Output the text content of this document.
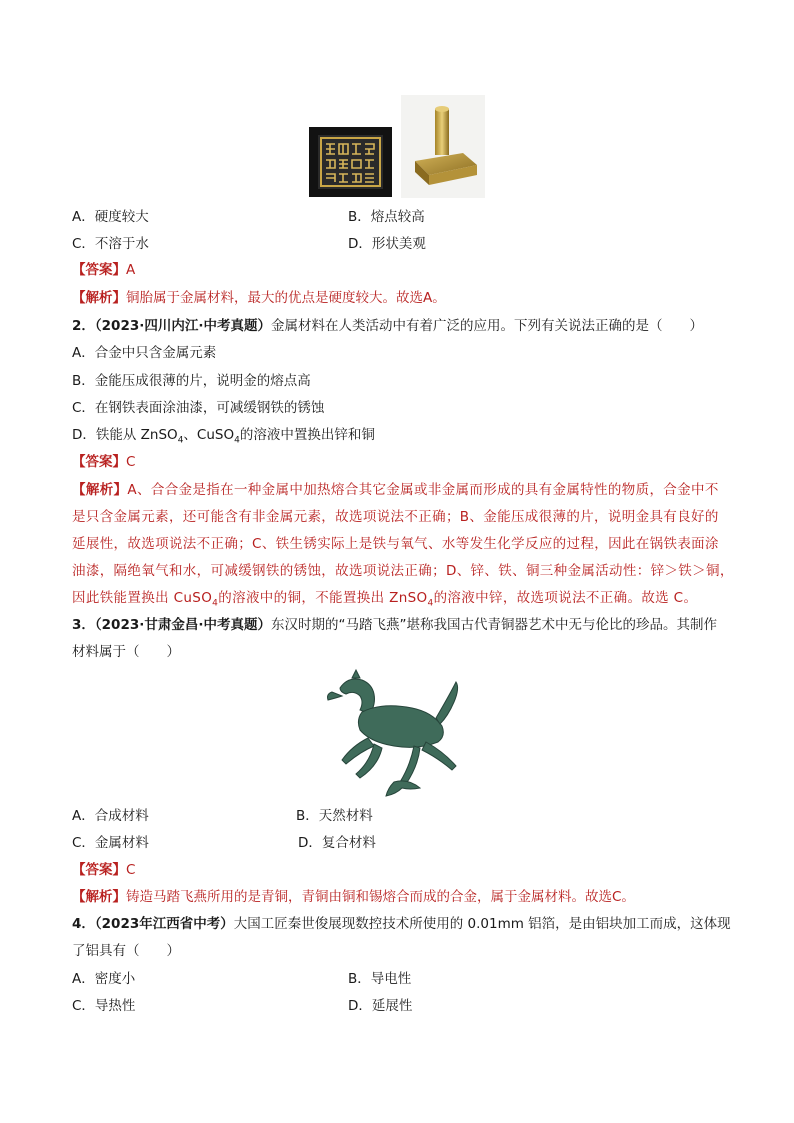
A．硬度较大	B．熔点较高
C．不溶于水	D．形状美观
【答案】A
【解析】铜胎属于金属材料，最大的优点是硬度较大。故选A。
2．（2023·四川内江·中考真题）金属材料在人类活动中有着广泛的应用。下列有关说法正确的是（　　）
A．合金中只含金属元素
B．金能压成很薄的片，说明金的熔点高
C．在钢铁表面涂油漆，可减缓钢铁的锈蚀
D．铁能从 ZnSO$_4$、CuSO$_4$的溶液中置换出锌和铜
【答案】C
【解析】A、合合金是指在一种金属中加热熔合其它金属或非金属而形成的具有金属特性的物质，合金中不
是只含金属元素，还可能含有非金属元素，故选项说法不正确；B、金能压成很薄的片，说明金具有良好的
延展性，故选项说法不正确；C、铁生锈实际上是铁与氧气、水等发生化学反应的过程，因此在锅铁表面涂
油漆，隔绝氧气和水，可减缓钢铁的锈蚀，故选项说法正确；D、锌、铁、铜三种金属活动性：锌＞铁＞铜，
因此铁能置换出 CuSO$_4$的溶液中的铜，不能置换出 ZnSO$_4$的溶液中锌，故选项说法不正确。故选 C。
3．（2023·甘肃金昌·中考真题）东汉时期的“马踏飞燕”堪称我国古代青铜器艺术中无与伦比的珍品。其制作
材料属于（　　）
A．合成材料	B．天然材料
C．金属材料	D．复合材料
【答案】C
【解析】铸造马踏飞燕所用的是青铜，青铜由铜和锡熔合而成的合金，属于金属材料。故选C。
4．（2023年江西省中考）大国工匠秦世俊展现数控技术所使用的 0.01mm 铝箔，是由铝块加工而成，这体现
了铝具有（　　）
A．密度小	B．导电性
C．导热性	D．延展性
